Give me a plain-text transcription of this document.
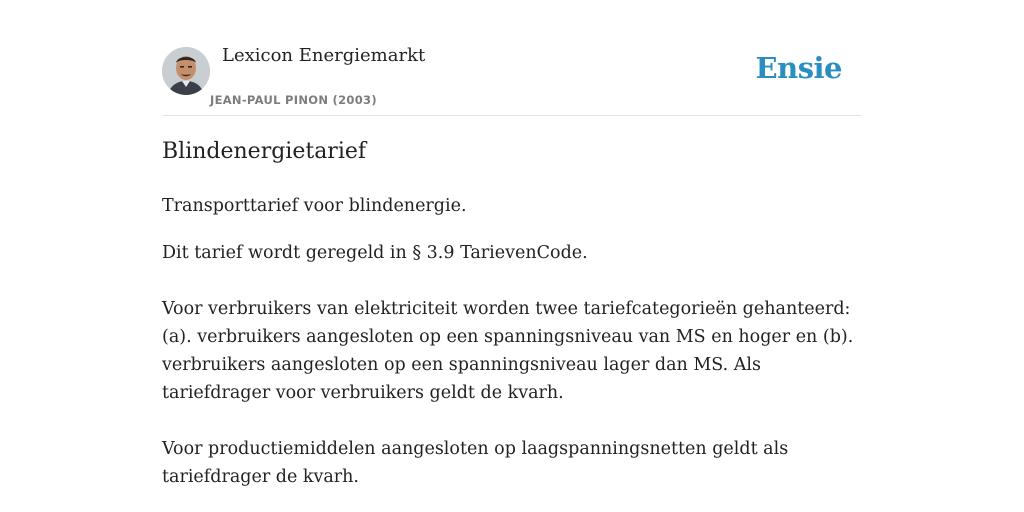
Lexicon Energiemarkt
JEAN-PAUL PINON (2003)
Ensie
Blindenergietarief

Transporttarief voor blindenergie.

Dit tarief wordt geregeld in § 3.9 TarievenCode.

Voor verbruikers van elektriciteit worden twee tariefcategorieën gehanteerd: (a). verbruikers aangesloten op een spanningsniveau van MS en hoger en (b). verbruikers aangesloten op een spanningsniveau lager dan MS. Als tariefdrager voor verbruikers geldt de kvarh.

Voor productiemiddelen aangesloten op laagspanningsnetten geldt als tariefdrager de kvarh.
